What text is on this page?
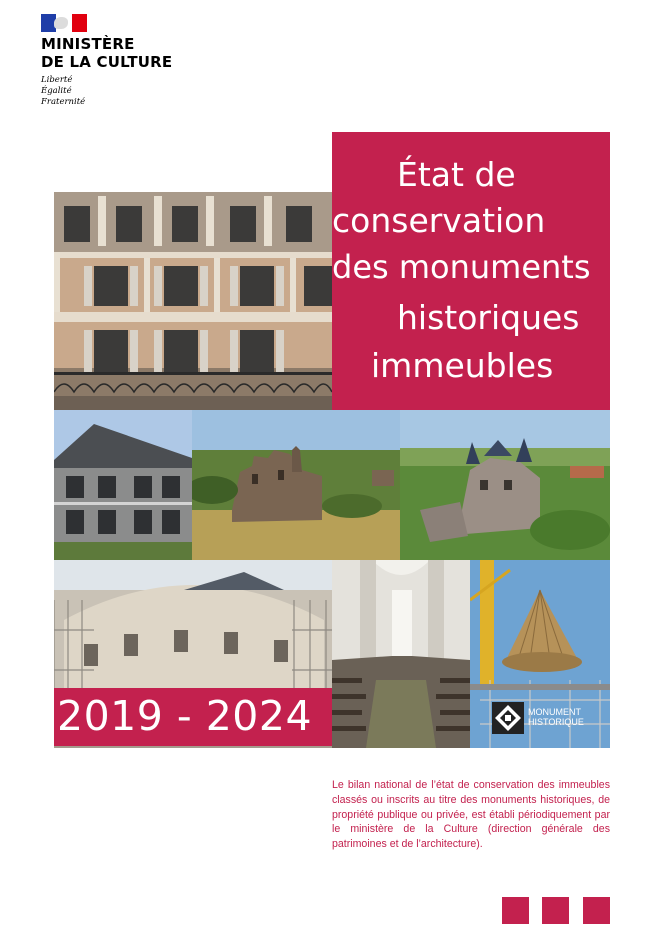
MINISTÈRE
DE LA CULTURE
Liberté
Égalité
Fraternité
État de
conservation
des monuments
historiques
immeubles
MONUMENT
HISTORIQUE
2019 - 2024
Le bilan national de l’état de conservation des immeubles classés ou inscrits au titre des monuments historiques, de propriété publique ou privée, est établi périodiquement par le ministère de la Culture (direction générale des patrimoines et de l’architecture).
